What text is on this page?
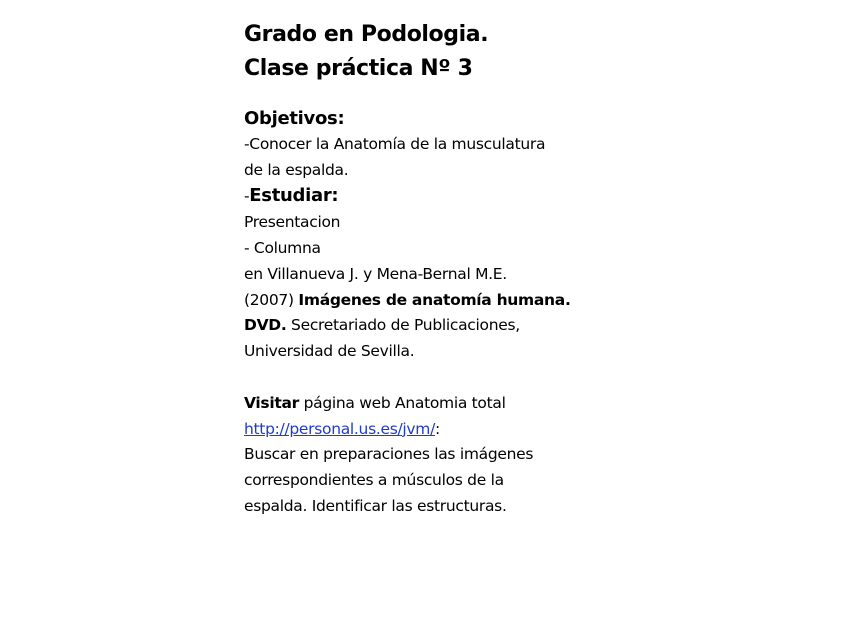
Grado en Podologia.
Clase práctica Nº 3
Objetivos:
-Conocer la Anatomía de la musculatura
de la espalda.
-Estudiar:
Presentacion
- Columna
en Villanueva J. y Mena-Bernal M.E.
(2007) Imágenes de anatomía humana.
DVD. Secretariado de Publicaciones,
Universidad de Sevilla.
Visitar página web Anatomia total
http://personal.us.es/jvm/:
Buscar en preparaciones las imágenes
correspondientes a músculos de la
espalda. Identificar las estructuras.
